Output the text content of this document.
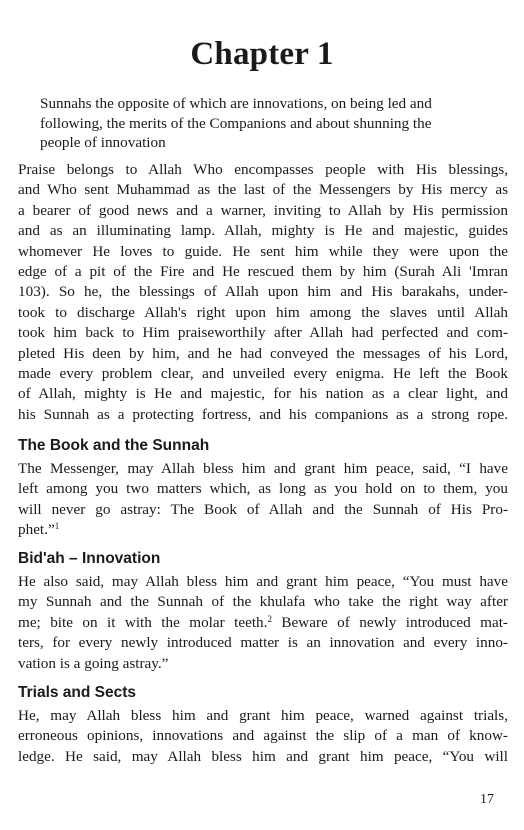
Chapter 1
Sunnahs the opposite of which are innovations, on being led and
following, the merits of the Companions and about shunning the
people of innovation
Praise belongs to Allah Who encompasses people with His blessings,
and Who sent Muhammad as the last of the Messengers by His mercy as
a bearer of good news and a warner, inviting to Allah by His permission
and as an illuminating lamp. Allah, mighty is He and majestic, guides
whomever He loves to guide. He sent him while they were upon the
edge of a pit of the Fire and He rescued them by him (Surah Ali 'Imran
103). So he, the blessings of Allah upon him and His barakahs, under-
took to discharge Allah's right upon him among the slaves until Allah
took him back to Him praiseworthily after Allah had perfected and com-
pleted His deen by him, and he had conveyed the messages of his Lord,
made every problem clear, and unveiled every enigma. He left the Book
of Allah, mighty is He and majestic, for his nation as a clear light, and
his Sunnah as a protecting fortress, and his companions as a strong rope.
The Book and the Sunnah
The Messenger, may Allah bless him and grant him peace, said, “I have
left among you two matters which, as long as you hold on to them, you
will never go astray: The Book of Allah and the Sunnah of His Pro-
phet.”$^1$
Bid'ah – Innovation
He also said, may Allah bless him and grant him peace, “You must have
my Sunnah and the Sunnah of the khulafa who take the right way after
me; bite on it with the molar teeth.$^2$ Beware of newly introduced mat-
ters, for every newly introduced matter is an innovation and every inno-
vation is a going astray.”
Trials and Sects
He, may Allah bless him and grant him peace, warned against trials,
erroneous opinions, innovations and against the slip of a man of know-
ledge. He said, may Allah bless him and grant him peace, “You will
17
